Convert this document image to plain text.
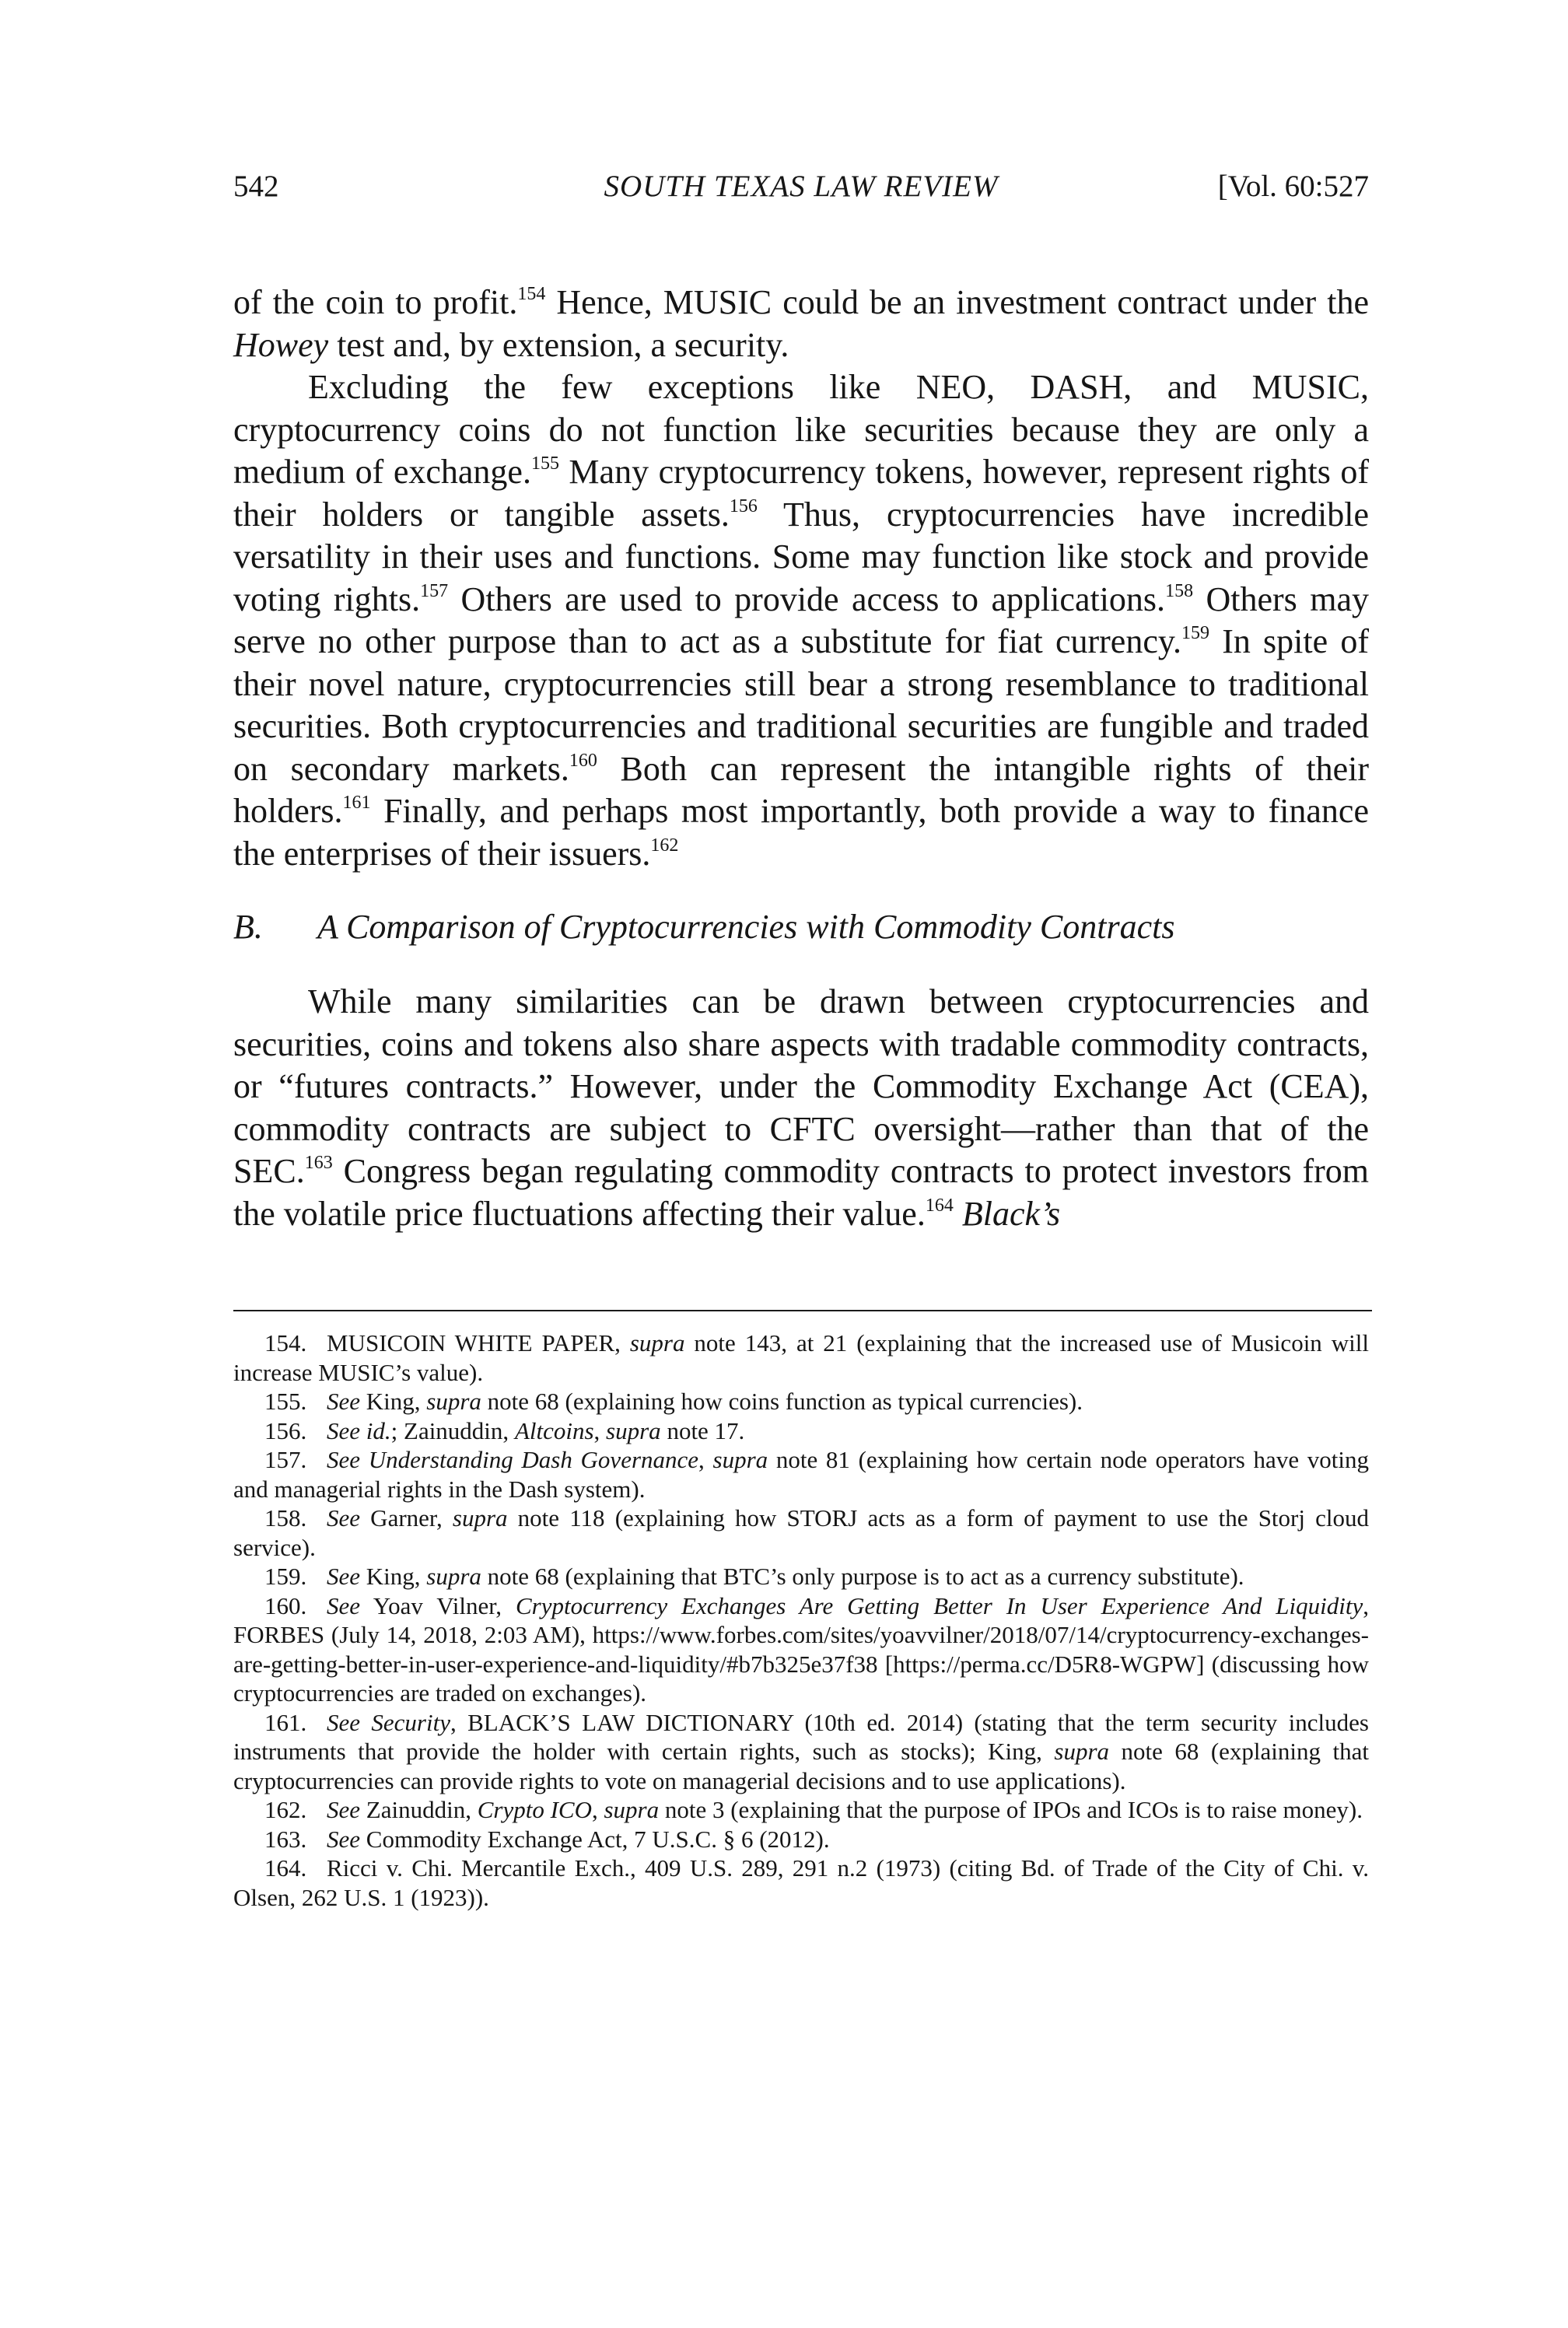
542	SOUTH TEXAS LAW REVIEW	[Vol. 60:527

of the coin to profit.$^{154}$ Hence, MUSIC could be an investment contract under the Howey test and, by extension, a security.

Excluding the few exceptions like NEO, DASH, and MUSIC, cryptocurrency coins do not function like securities because they are only a medium of exchange.$^{155}$ Many cryptocurrency tokens, however, represent rights of their holders or tangible assets.$^{156}$ Thus, cryptocurrencies have incredible versatility in their uses and functions. Some may function like stock and provide voting rights.$^{157}$ Others are used to provide access to applications.$^{158}$ Others may serve no other purpose than to act as a substitute for fiat currency.$^{159}$ In spite of their novel nature, cryptocurrencies still bear a strong resemblance to traditional securities. Both cryptocurrencies and traditional securities are fungible and traded on secondary markets.$^{160}$ Both can represent the intangible rights of their holders.$^{161}$ Finally, and perhaps most importantly, both provide a way to finance the enterprises of their issuers.$^{162}$

B. A Comparison of Cryptocurrencies with Commodity Contracts

While many similarities can be drawn between cryptocurrencies and securities, coins and tokens also share aspects with tradable commodity contracts, or “futures contracts.” However, under the Commodity Exchange Act (CEA), commodity contracts are subject to CFTC oversight—rather than that of the SEC.$^{163}$ Congress began regulating commodity contracts to protect investors from the volatile price fluctuations affecting their value.$^{164}$ Black’s

154. MUSICOIN WHITE PAPER, supra note 143, at 21 (explaining that the increased use of Musicoin will increase MUSIC’s value).

155. See King, supra note 68 (explaining how coins function as typical currencies).

156. See id.; Zainuddin, Altcoins, supra note 17.

157. See Understanding Dash Governance, supra note 81 (explaining how certain node operators have voting and managerial rights in the Dash system).

158. See Garner, supra note 118 (explaining how STORJ acts as a form of payment to use the Storj cloud service).

159. See King, supra note 68 (explaining that BTC’s only purpose is to act as a currency substitute).

160. See Yoav Vilner, Cryptocurrency Exchanges Are Getting Better In User Experience And Liquidity, FORBES (July 14, 2018, 2:03 AM), https://www.forbes.com/sites/yoavvilner/2018/07/14/cryptocurrency-exchanges-are-getting-better-in-user-experience-and-liquidity/#b7b325e37f38 [https://perma.cc/D5R8-WGPW] (discussing how cryptocurrencies are traded on exchanges).

161. See Security, BLACK’S LAW DICTIONARY (10th ed. 2014) (stating that the term security includes instruments that provide the holder with certain rights, such as stocks); King, supra note 68 (explaining that cryptocurrencies can provide rights to vote on managerial decisions and to use applications).

162. See Zainuddin, Crypto ICO, supra note 3 (explaining that the purpose of IPOs and ICOs is to raise money).

163. See Commodity Exchange Act, 7 U.S.C. § 6 (2012).

164. Ricci v. Chi. Mercantile Exch., 409 U.S. 289, 291 n.2 (1973) (citing Bd. of Trade of the City of Chi. v. Olsen, 262 U.S. 1 (1923)).
